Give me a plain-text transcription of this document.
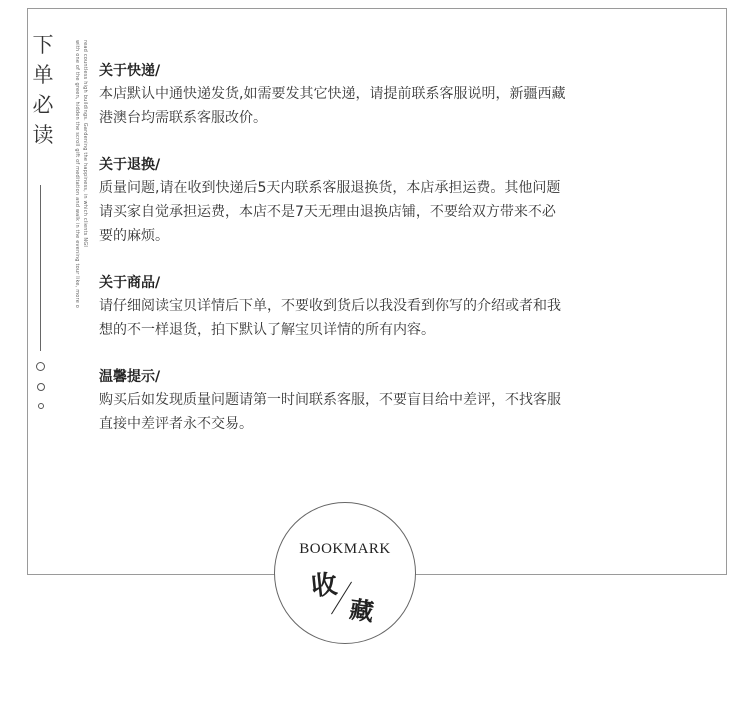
下
单
必
读	with one of the green, hidden the scroll gift of meditation and walk in the evening tour like, more o read countless high buildings. Gardening the happiness, in which clients NGI 关于快递/
本店默认中通快递发货,如需要发其它快递，请提前联系客服说明，新疆西藏
港澳台均需联系客服改价。
关于退换/
质量问题,请在收到快递后5天内联系客服退换货，本店承担运费。其他问题
请买家自觉承担运费，本店不是7天无理由退换店铺，不要给双方带来不必
要的麻烦。
关于商品/
请仔细阅读宝贝详情后下单，不要收到货后以我没看到你写的介绍或者和我
想的不一样退货，拍下默认了解宝贝详情的所有内容。
温馨提示/
购买后如发现质量问题请第一时间联系客服，不要盲目给中差评，不找客服
直接中差评者永不交易。
BOOKMARK
收
藏
